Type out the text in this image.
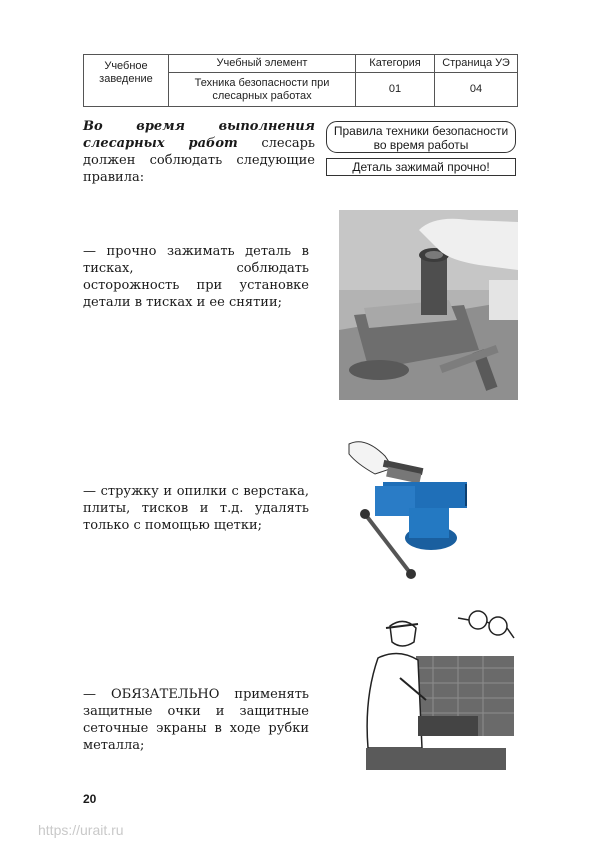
Учебное заведение	Учебный элемент	Категория	Страница УЭ
	Техника безопасности при слесарных работах	01	04
Во время выполнения слесарных работ слесарь должен соблюдать следующие правила:
Правила техники безопасности во время работы
Деталь зажимай прочно!
— прочно зажимать деталь в тисках, соблюдать осторожность при установке детали в тисках и ее снятии;
— стружку и опилки с верстака, плиты, тисков и т.д. удалять только с помощью щетки;
— ОБЯЗАТЕЛЬНО применять защитные очки и защитные сеточные экраны в ходе рубки металла;
20
https://urait.ru
